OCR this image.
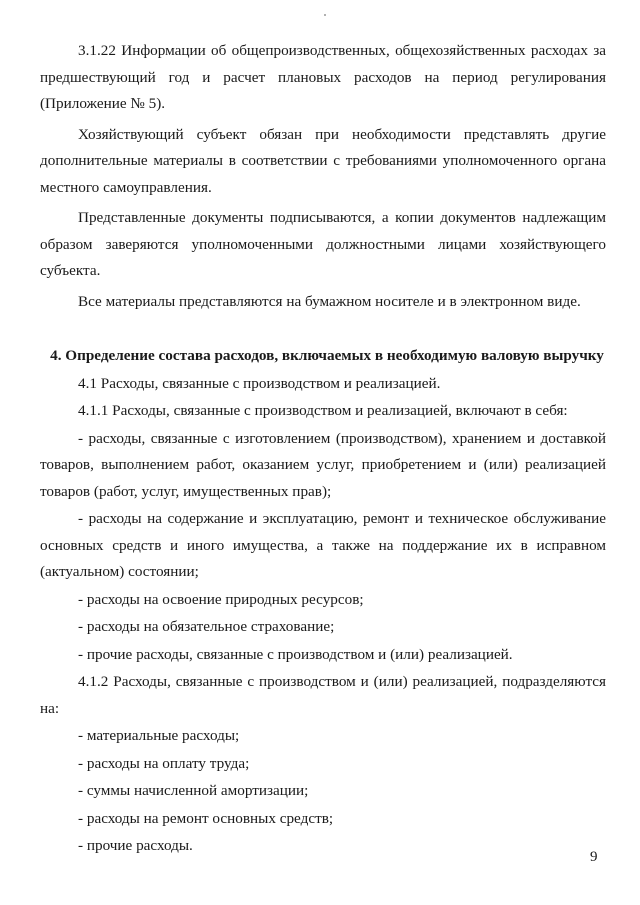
3.1.22 Информации об общепроизводственных, общехозяйственных расходах за предшествующий год и расчет плановых расходов на период регулирования (Приложение № 5).

Хозяйствующий субъект обязан при необходимости представлять другие дополнительные материалы в соответствии с требованиями уполномоченного органа местного самоуправления.

Представленные документы подписываются, а копии документов надлежащим образом заверяются уполномоченными должностными лицами хозяйствующего субъекта.

Все материалы представляются на бумажном носителе и в электронном виде.

4. Определение состава расходов, включаемых в необходимую валовую выручку

4.1 Расходы, связанные с производством и реализацией.

4.1.1 Расходы, связанные с производством и реализацией, включают в себя:

- расходы, связанные с изготовлением (производством), хранением и доставкой товаров, выполнением работ, оказанием услуг, приобретением и (или) реализацией товаров (работ, услуг, имущественных прав);

- расходы на содержание и эксплуатацию, ремонт и техническое обслуживание основных средств и иного имущества, а также на поддержание их в исправном (актуальном) состоянии;

- расходы на освоение природных ресурсов;

- расходы на обязательное страхование;

- прочие расходы, связанные с производством и (или) реализацией.

4.1.2 Расходы, связанные с производством и (или) реализацией, подразделяются на:

- материальные расходы;

- расходы на оплату труда;

- суммы начисленной амортизации;

- расходы на ремонт основных средств;

- прочие расходы.

9
